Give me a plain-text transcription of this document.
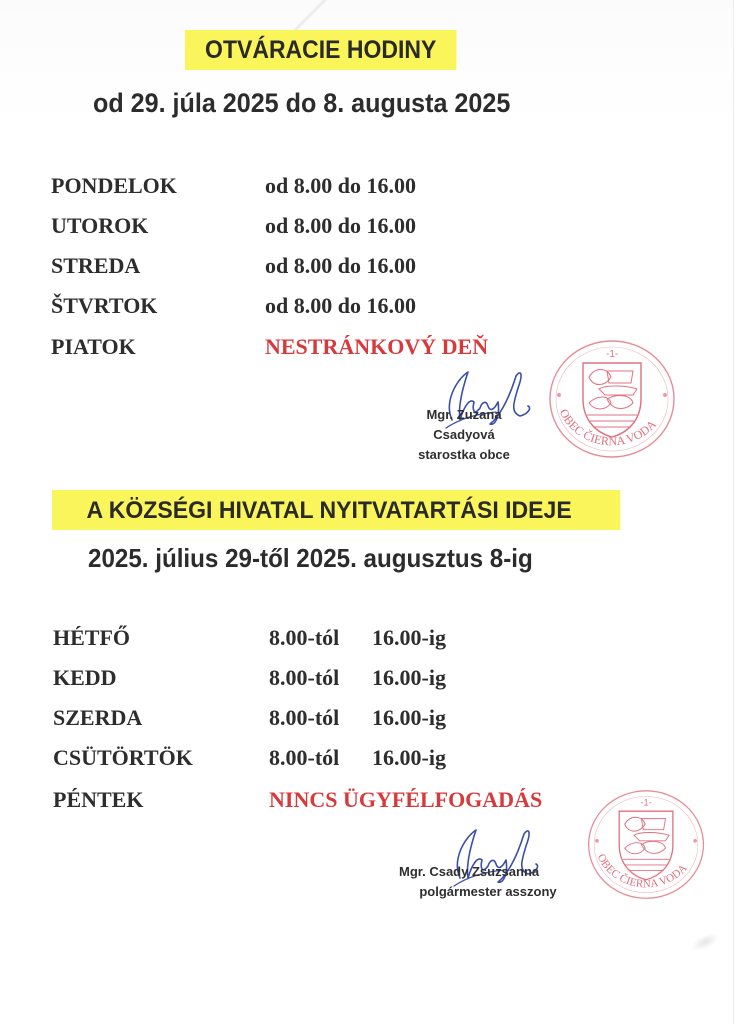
OTVÁRACIE HODINY
od 29. júla 2025 do 8. augusta 2025
PONDELOK	od 8.00 do 16.00
UTOROK	od 8.00 do 16.00
STREDA	od 8.00 do 16.00
ŠTVRTOK	od 8.00 do 16.00
PIATOK	NESTRÁNKOVÝ DEŇ
Mgr. Zuzana Csadyová
starostka obce
-1-
OBEC ČIERNA VODA
A KÖZSÉGI HIVATAL NYITVATARTÁSI IDEJE
2025. július 29-től 2025. augusztus 8-ig
HÉTFŐ	8.00-tól 16.00-ig
KEDD	8.00-tól 16.00-ig
SZERDA	8.00-tól 16.00-ig
CSÜTÖRTÖK	8.00-tól 16.00-ig
PÉNTEK	NINCS ÜGYFÉLFOGADÁS
Mgr. Csady Zsuzsanna
polgármester asszony
-1-
OBEC ČIERNA VODA
